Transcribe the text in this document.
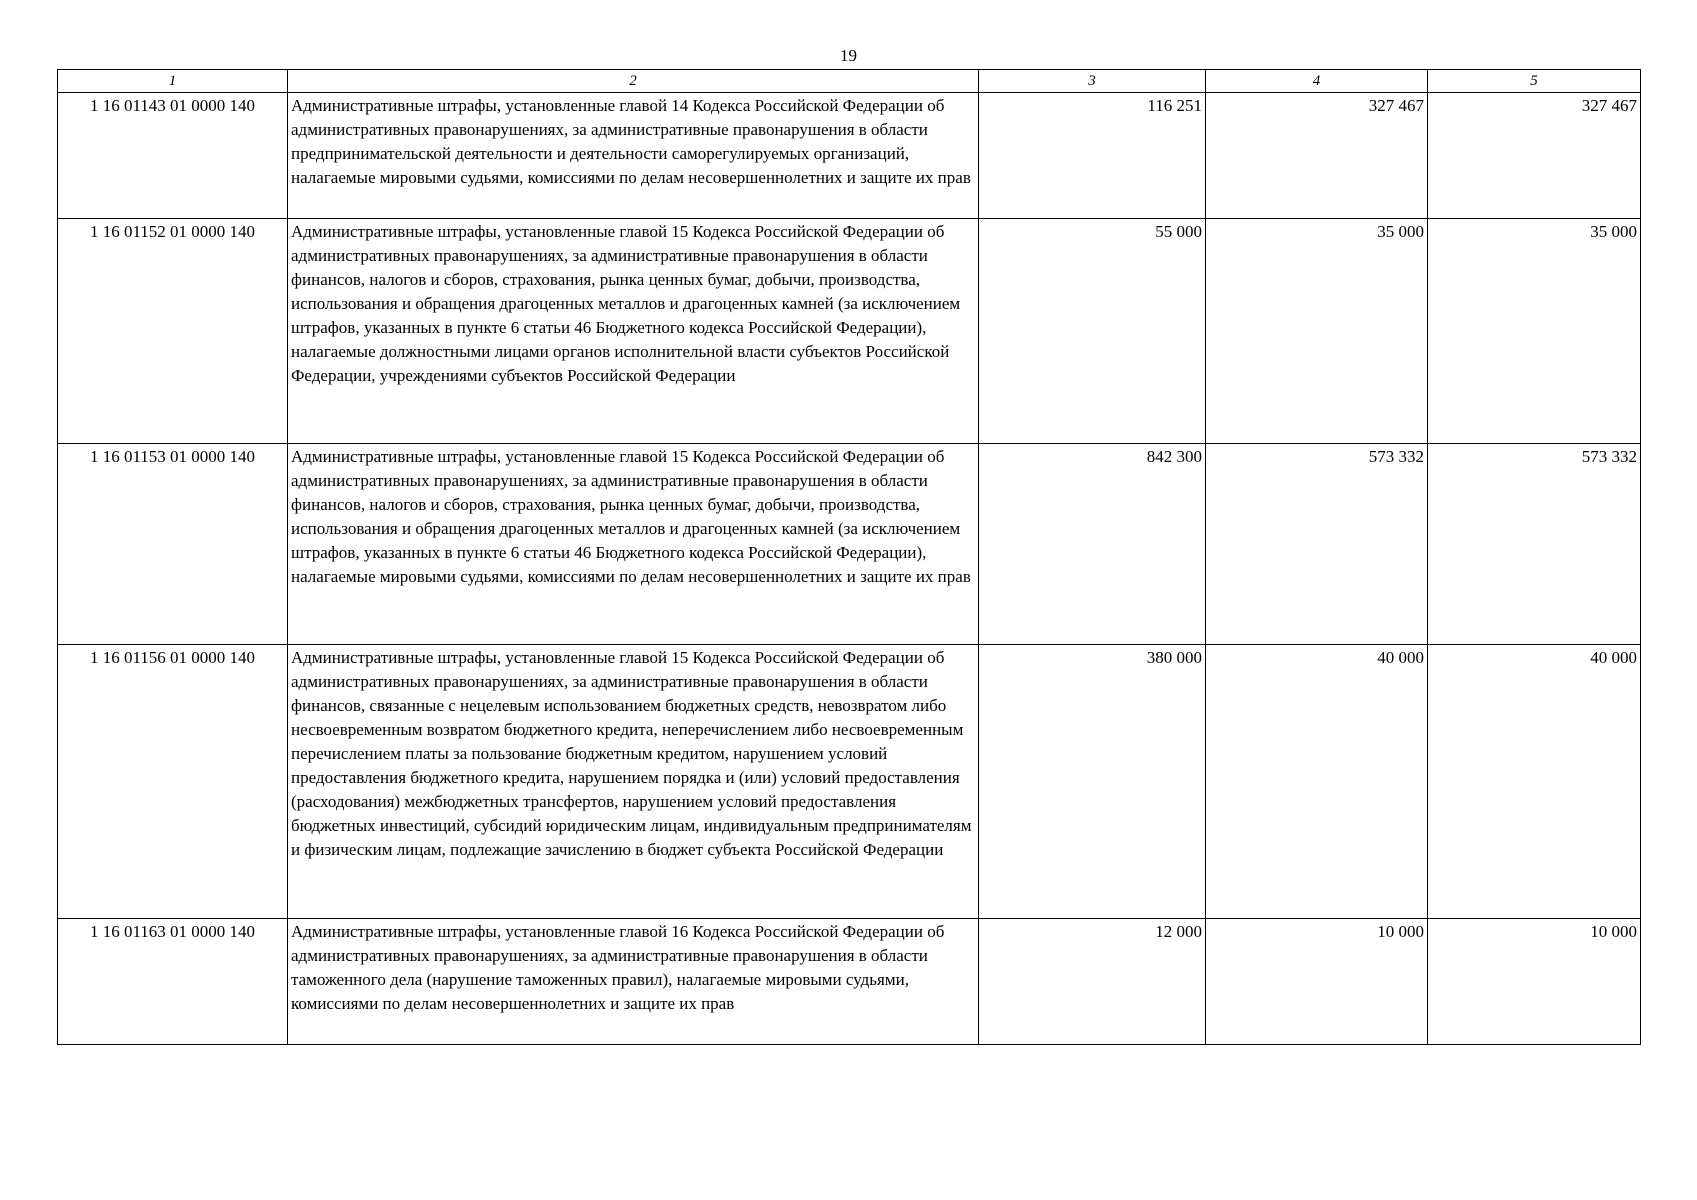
19
1	2	3	4	5
1 16 01143 01 0000 140	Административные штрафы, установленные главой 14 Кодекса Российской Федерации об административных правонарушениях, за административные правонарушения в области предпринимательской деятельности и деятельности саморегулируемых организаций, налагаемые мировыми судьями, комиссиями по делам несовершеннолетних и защите их прав	116 251	327 467	327 467
1 16 01152 01 0000 140	Административные штрафы, установленные главой 15 Кодекса Российской Федерации об административных правонарушениях, за административные правонарушения в области финансов, налогов и сборов, страхования, рынка ценных бумаг, добычи, производства, использования и обращения драгоценных металлов и драгоценных камней (за исключением штрафов, указанных в пункте 6 статьи 46 Бюджетного кодекса Российской Федерации), налагаемые должностными лицами органов исполнительной власти субъектов Российской Федерации, учреждениями субъектов Российской Федерации	55 000	35 000	35 000
1 16 01153 01 0000 140	Административные штрафы, установленные главой 15 Кодекса Российской Федерации об административных правонарушениях, за административные правонарушения в области финансов, налогов и сборов, страхования, рынка ценных бумаг, добычи, производства, использования и обращения драгоценных металлов и драгоценных камней (за исключением штрафов, указанных в пункте 6 статьи 46 Бюджетного кодекса Российской Федерации), налагаемые мировыми судьями, комиссиями по делам несовершеннолетних и защите их прав	842 300	573 332	573 332
1 16 01156 01 0000 140	Административные штрафы, установленные главой 15 Кодекса Российской Федерации об административных правонарушениях, за административные правонарушения в области финансов, связанные с нецелевым использованием бюджетных средств, невозвратом либо несвоевременным возвратом бюджетного кредита, неперечислением либо несвоевременным перечислением платы за пользование бюджетным кредитом, нарушением условий предоставления бюджетного кредита, нарушением порядка и (или) условий предоставления (расходования) межбюджетных трансфертов, нарушением условий предоставления бюджетных инвестиций, субсидий юридическим лицам, индивидуальным предпринимателям и физическим лицам, подлежащие зачислению в бюджет субъекта Российской Федерации	380 000	40 000	40 000
1 16 01163 01 0000 140	Административные штрафы, установленные главой 16 Кодекса Российской Федерации об административных правонарушениях, за административные правонарушения в области таможенного дела (нарушение таможенных правил), налагаемые мировыми судьями, комиссиями по делам несовершеннолетних и защите их прав	12 000	10 000	10 000
